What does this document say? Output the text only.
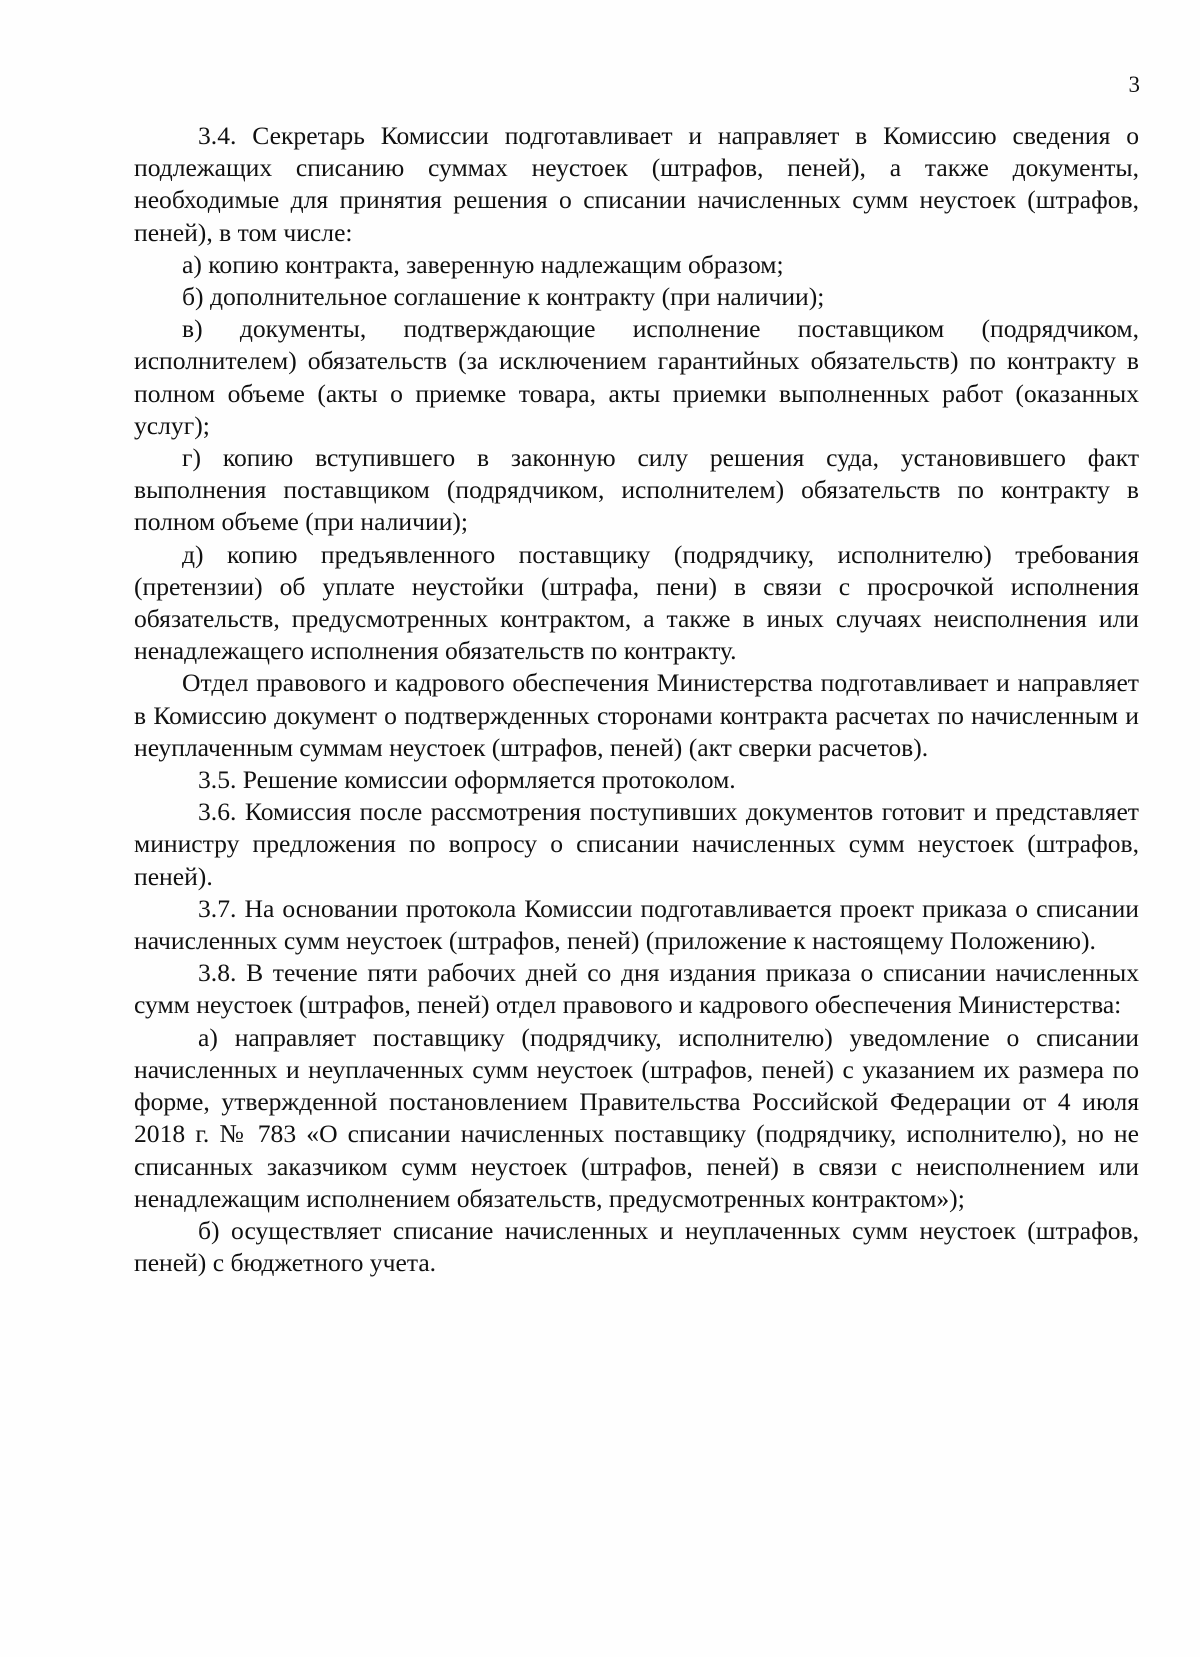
3

3.4. Секретарь Комиссии подготавливает и направляет в Комиссию сведения о подлежащих списанию суммах неустоек (штрафов, пеней), а также документы, необходимые для принятия решения о списании начисленных сумм неустоек (штрафов, пеней), в том числе:

а) копию контракта, заверенную надлежащим образом;

б) дополнительное соглашение к контракту (при наличии);

в) документы, подтверждающие исполнение поставщиком (подрядчиком, исполнителем) обязательств (за исключением гарантийных обязательств) по контракту в полном объеме (акты о приемке товара, акты приемки выполненных работ (оказанных услуг);

г) копию вступившего в законную силу решения суда, установившего факт выполнения поставщиком (подрядчиком, исполнителем) обязательств по контракту в полном объеме (при наличии);

д) копию предъявленного поставщику (подрядчику, исполнителю) требования (претензии) об уплате неустойки (штрафа, пени) в связи с просрочкой исполнения обязательств, предусмотренных контрактом, а также в иных случаях неисполнения или ненадлежащего исполнения обязательств по контракту.

Отдел правового и кадрового обеспечения Министерства подготавливает и направляет в Комиссию документ о подтвержденных сторонами контракта расчетах по начисленным и неуплаченным суммам неустоек (штрафов, пеней) (акт сверки расчетов).

3.5. Решение комиссии оформляется протоколом.

3.6. Комиссия после рассмотрения поступивших документов готовит и представляет министру предложения по вопросу о списании начисленных сумм неустоек (штрафов, пеней).

3.7. На основании протокола Комиссии подготавливается проект приказа о списании начисленных сумм неустоек (штрафов, пеней) (приложение к настоящему Положению).

3.8. В течение пяти рабочих дней со дня издания приказа о списании начисленных сумм неустоек (штрафов, пеней) отдел правового и кадрового обеспечения Министерства:

а) направляет поставщику (подрядчику, исполнителю) уведомление о списании начисленных и неуплаченных сумм неустоек (штрафов, пеней) с указанием их размера по форме, утвержденной постановлением Правительства Российской Федерации от 4 июля 2018 г. № 783 «О списании начисленных поставщику (подрядчику, исполнителю), но не списанных заказчиком сумм неустоек (штрафов, пеней) в связи с неисполнением или ненадлежащим исполнением обязательств, предусмотренных контрактом»);

б) осуществляет списание начисленных и неуплаченных сумм неустоек (штрафов, пеней) с бюджетного учета.
